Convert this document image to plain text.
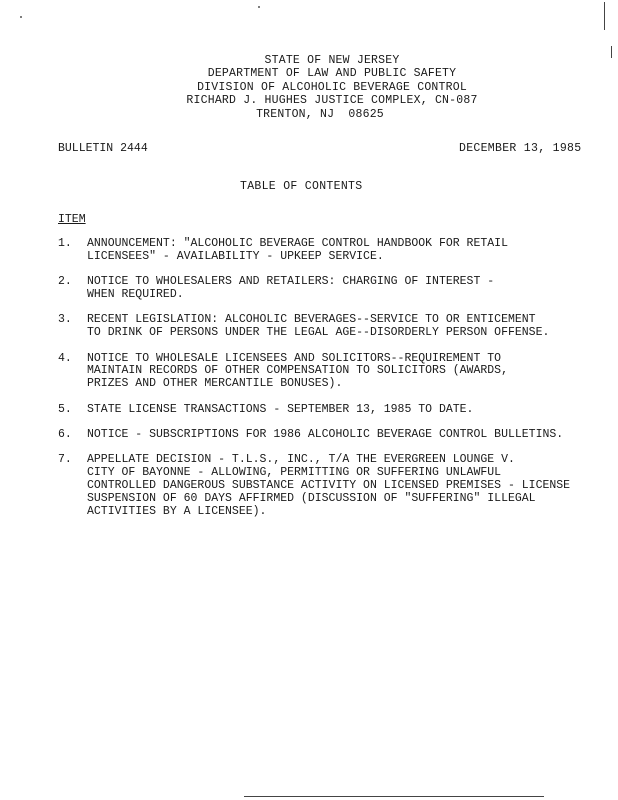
STATE OF NEW JERSEY
DEPARTMENT OF LAW AND PUBLIC SAFETY
DIVISION OF ALCOHOLIC BEVERAGE CONTROL
RICHARD J. HUGHES JUSTICE COMPLEX, CN-087
TRENTON, NJ  08625
BULLETIN 2444	DECEMBER 13, 1985
TABLE OF CONTENTS
ITEM
1.	ANNOUNCEMENT: "ALCOHOLIC BEVERAGE CONTROL HANDBOOK FOR RETAIL
LICENSEES" - AVAILABILITY - UPKEEP SERVICE.
2.	NOTICE TO WHOLESALERS AND RETAILERS: CHARGING OF INTEREST -
WHEN REQUIRED.
3.	RECENT LEGISLATION: ALCOHOLIC BEVERAGES--SERVICE TO OR ENTICEMENT
TO DRINK OF PERSONS UNDER THE LEGAL AGE--DISORDERLY PERSON OFFENSE.
4.	NOTICE TO WHOLESALE LICENSEES AND SOLICITORS--REQUIREMENT TO
MAINTAIN RECORDS OF OTHER COMPENSATION TO SOLICITORS (AWARDS,
PRIZES AND OTHER MERCANTILE BONUSES).
5.	STATE LICENSE TRANSACTIONS - SEPTEMBER 13, 1985 TO DATE.
6.	NOTICE - SUBSCRIPTIONS FOR 1986 ALCOHOLIC BEVERAGE CONTROL BULLETINS.
7.	APPELLATE DECISION - T.L.S., INC., T/A THE EVERGREEN LOUNGE V.
CITY OF BAYONNE - ALLOWING, PERMITTING OR SUFFERING UNLAWFUL
CONTROLLED DANGEROUS SUBSTANCE ACTIVITY ON LICENSED PREMISES - LICENSE
SUSPENSION OF 60 DAYS AFFIRMED (DISCUSSION OF "SUFFERING" ILLEGAL
ACTIVITIES BY A LICENSEE).
